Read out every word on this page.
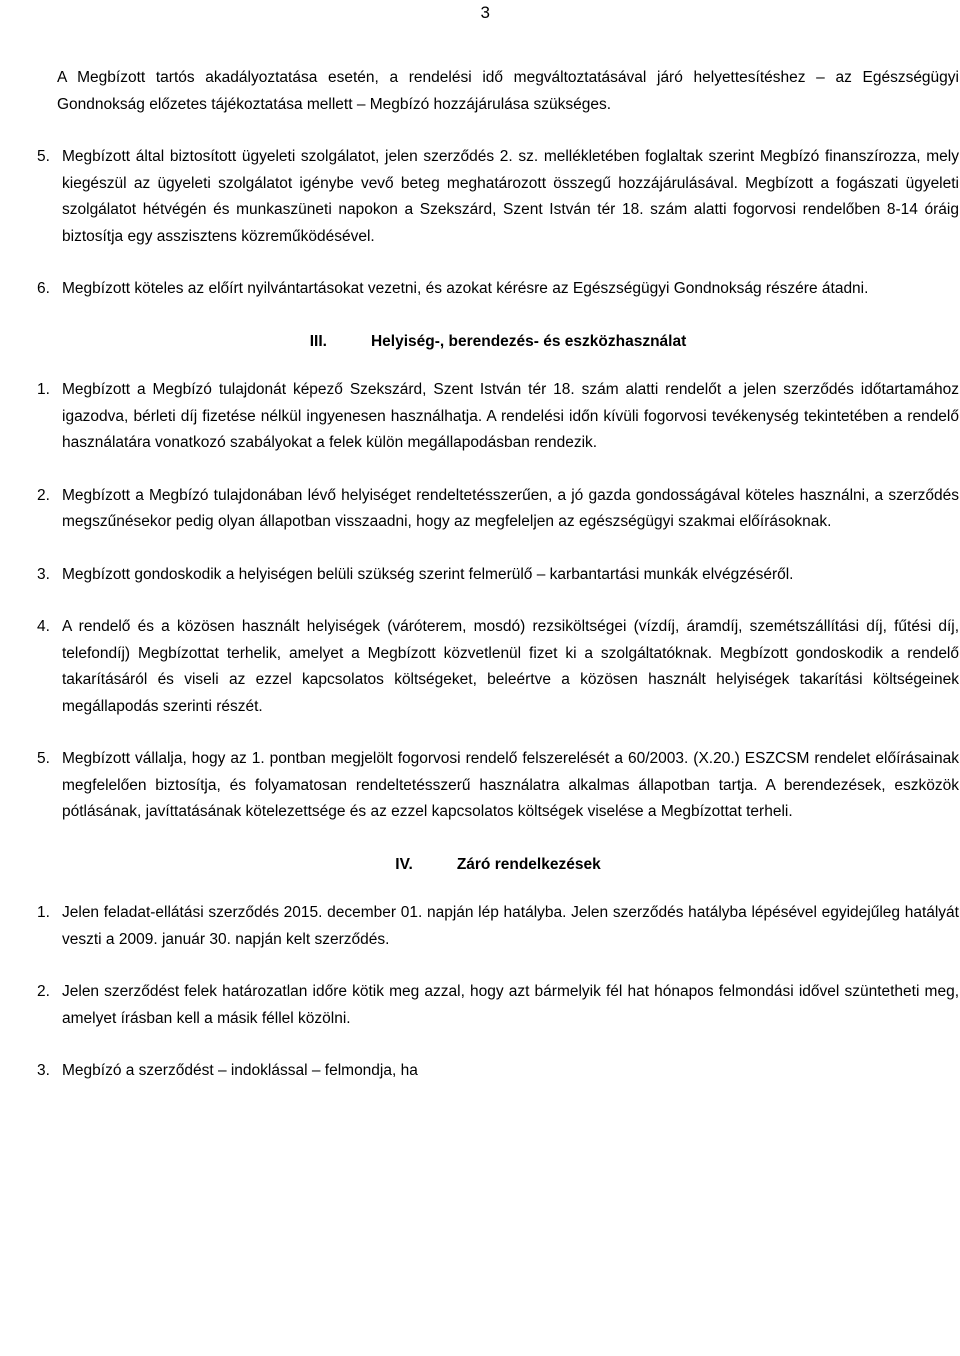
3

A Megbízott tartós akadályoztatása esetén, a rendelési idő megváltoztatásával járó helyettesítéshez – az Egészségügyi Gondnokság előzetes tájékoztatása mellett – Megbízó hozzájárulása szükséges.

5. Megbízott által biztosított ügyeleti szolgálatot, jelen szerződés 2. sz. mellékletében foglaltak szerint Megbízó finanszírozza, mely kiegészül az ügyeleti szolgálatot igénybe vevő beteg meghatározott összegű hozzájárulásával. Megbízott a fogászati ügyeleti szolgálatot hétvégén és munkaszüneti napokon a Szekszárd, Szent István tér 18. szám alatti fogorvosi rendelőben 8-14 óráig biztosítja egy asszisztens közreműködésével.
6. Megbízott köteles az előírt nyilvántartásokat vezetni, és azokat kérésre az Egészségügyi Gondnokság részére átadni.
III.	Helyiség-, berendezés- és eszközhasználat
1. Megbízott a Megbízó tulajdonát képező Szekszárd, Szent István tér 18. szám alatti rendelőt a jelen szerződés időtartamához igazodva, bérleti díj fizetése nélkül ingyenesen használhatja. A rendelési időn kívüli fogorvosi tevékenység tekintetében a rendelő használatára vonatkozó szabályokat a felek külön megállapodásban rendezik.
2. Megbízott a Megbízó tulajdonában lévő helyiséget rendeltetésszerűen, a jó gazda gondosságával köteles használni, a szerződés megszűnésekor pedig olyan állapotban visszaadni, hogy az megfeleljen az egészségügyi szakmai előírásoknak.
3. Megbízott gondoskodik a helyiségen belüli szükség szerint felmerülő – karbantartási munkák elvégzéséről.
4. A rendelő és a közösen használt helyiségek (váróterem, mosdó) rezsiköltségei (vízdíj, áramdíj, szemétszállítási díj, fűtési díj, telefondíj) Megbízottat terhelik, amelyet a Megbízott közvetlenül fizet ki a szolgáltatóknak. Megbízott gondoskodik a rendelő takarításáról és viseli az ezzel kapcsolatos költségeket, beleértve a közösen használt helyiségek takarítási költségeinek megállapodás szerinti részét.
5. Megbízott vállalja, hogy az 1. pontban megjelölt fogorvosi rendelő felszerelését a 60/2003. (X.20.) ESZCSM rendelet előírásainak megfelelően biztosítja, és folyamatosan rendeltetésszerű használatra alkalmas állapotban tartja. A berendezések, eszközök pótlásának, javíttatásának kötelezettsége és az ezzel kapcsolatos költségek viselése a Megbízottat terheli.
IV.	Záró rendelkezések
1. Jelen feladat-ellátási szerződés 2015. december 01. napján lép hatályba. Jelen szerződés hatályba lépésével egyidejűleg hatályát veszti a 2009. január 30. napján kelt szerződés.
2. Jelen szerződést felek határozatlan időre kötik meg azzal, hogy azt bármelyik fél hat hónapos felmondási idővel szüntetheti meg, amelyet írásban kell a másik féllel közölni.
3. Megbízó a szerződést – indoklással – felmondja, ha
